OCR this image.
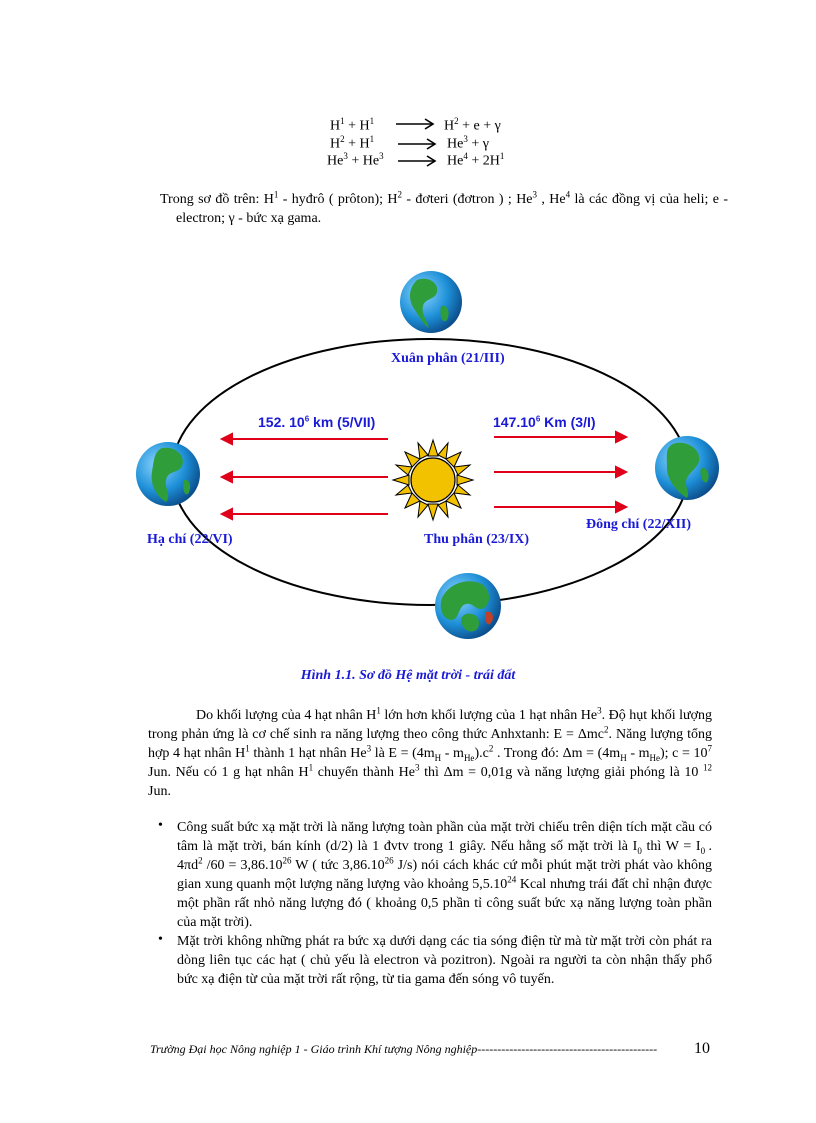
$H^1 + H^1$	$H^2 + e + \gamma$
$H^2 + H^1$	$He^3 + \gamma$
$He^3 + He^3$	$He^4 + 2H^1$
Trong sơ đồ trên: $H^1$ - hyđrô ( prôton); $H^2$ - đơteri (đơtron ) ; He$^3$ , He$^4$ là các đồng vị của heli; e - electron; γ - bức xạ gama.
Xuân phân (21/III)
Hạ chí (22/VI)	Thu phân (23/IX)
Đông chí (22/XII)
152. $10^6$ km (5/VII)	147.10$^6$ Km (3/I)
Hình 1.1. Sơ đồ Hệ mặt trời - trái đất
Do khối lượng của 4 hạt nhân $H^1$ lớn hơn khối lượng của 1 hạt nhân He$^3$. Độ hụt khối lượng trong phản ứng là cơ chế sinh ra năng lượng theo công thức Anhxtanh: E = Δmc$^2$. Năng lượng tổng hợp 4 hạt nhân $H^1$ thành 1 hạt nhân He$^3$ là $E = (4m_H - m_{He}).c^2$ . Trong đó: $\Delta m = (4m_H - m_{He})$; $c = 10^7$ Jun. Nếu có 1 g hạt nhân $H^1$ chuyển thành He$^3$ thì Δm = 0,01g và năng lượng giải phóng là 10 $^{12}$ Jun.
• Công suất bức xạ mặt trời là năng lượng toàn phần của mặt trời chiếu trên diện tích mặt cầu có tâm là mặt trời, bán kính (d/2) là 1 đvtv trong 1 giây. Nếu hằng số mặt trời là $I_0$ thì $W = I_0$ . $4\pi d^2$ $/60 = 3,86.10^{26}$ W ( tức 3,86.10$^{26}$ J/s) nói cách khác cứ mỗi phút mặt trời phát vào không gian xung quanh một lượng năng lượng vào khoảng 5,5.10$^{24}$ Kcal nhưng trái đất chỉ nhận được một phần rất nhỏ năng lượng đó ( khoảng 0,5 phần tỉ công suất bức xạ năng lượng toàn phần của mặt trời).
• Mặt trời không những phát ra bức xạ dưới dạng các tia sóng điện từ mà từ mặt trời còn phát ra dòng liên tục các hạt ( chủ yếu là electron và pozitron). Ngoài ra người ta còn nhận thấy phổ bức xạ điện từ của mặt trời rất rộng, từ tia gama đến sóng vô tuyến.
Trường Đại học Nông nghiệp 1 - Giáo trình Khí tượng Nông nghiệp--------------------------------------------- 10
